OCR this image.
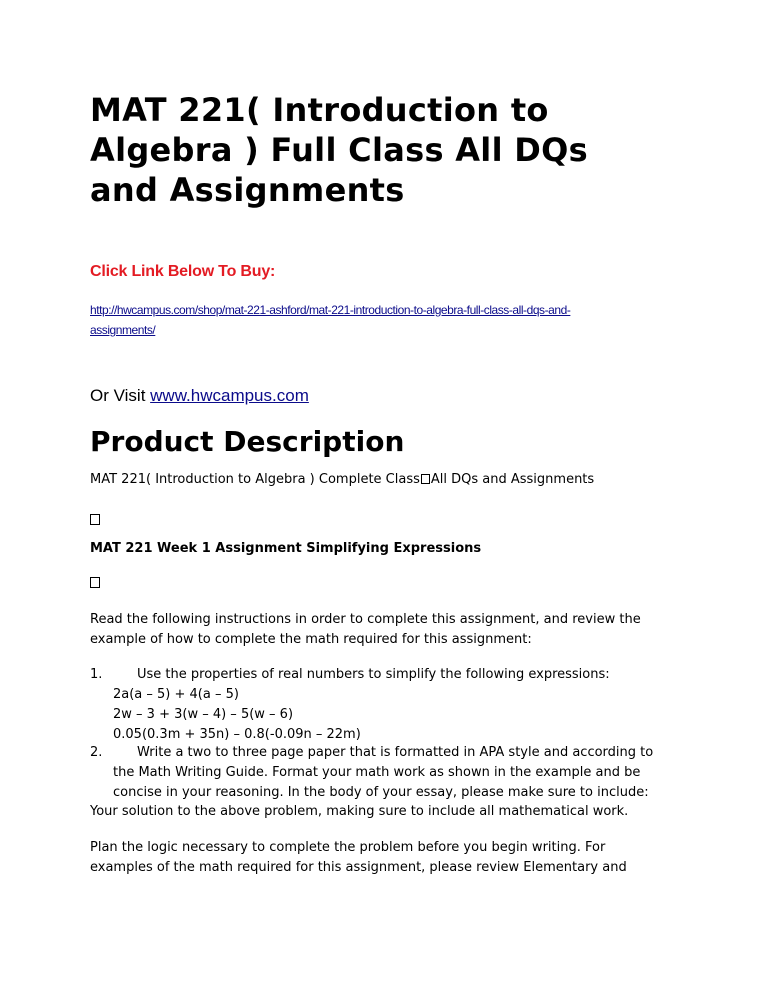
MAT 221( Introduction to
Algebra ) Full Class All DQs
and Assignments
Click Link Below To Buy:
http://hwcampus.com/shop/mat-221-ashford/mat-221-introduction-to-algebra-full-class-all-dqs-and-
assignments/
Or Visit www.hwcampus.com
Product Description
MAT 221( Introduction to Algebra ) Complete Class All DQs and Assignments
MAT 221 Week 1 Assignment Simplifying Expressions
Read the following instructions in order to complete this assignment, and review the
example of how to complete the math required for this assignment:
1.	Use the properties of real numbers to simplify the following expressions:
2a(a – 5) + 4(a – 5)
2w – 3 + 3(w – 4) – 5(w – 6)
0.05(0.3m + 35n) – 0.8(-0.09n – 22m)
2.	Write a two to three page paper that is formatted in APA style and according to
the Math Writing Guide. Format your math work as shown in the example and be
concise in your reasoning. In the body of your essay, please make sure to include:
Your solution to the above problem, making sure to include all mathematical work.
Plan the logic necessary to complete the problem before you begin writing. For
examples of the math required for this assignment, please review Elementary and
